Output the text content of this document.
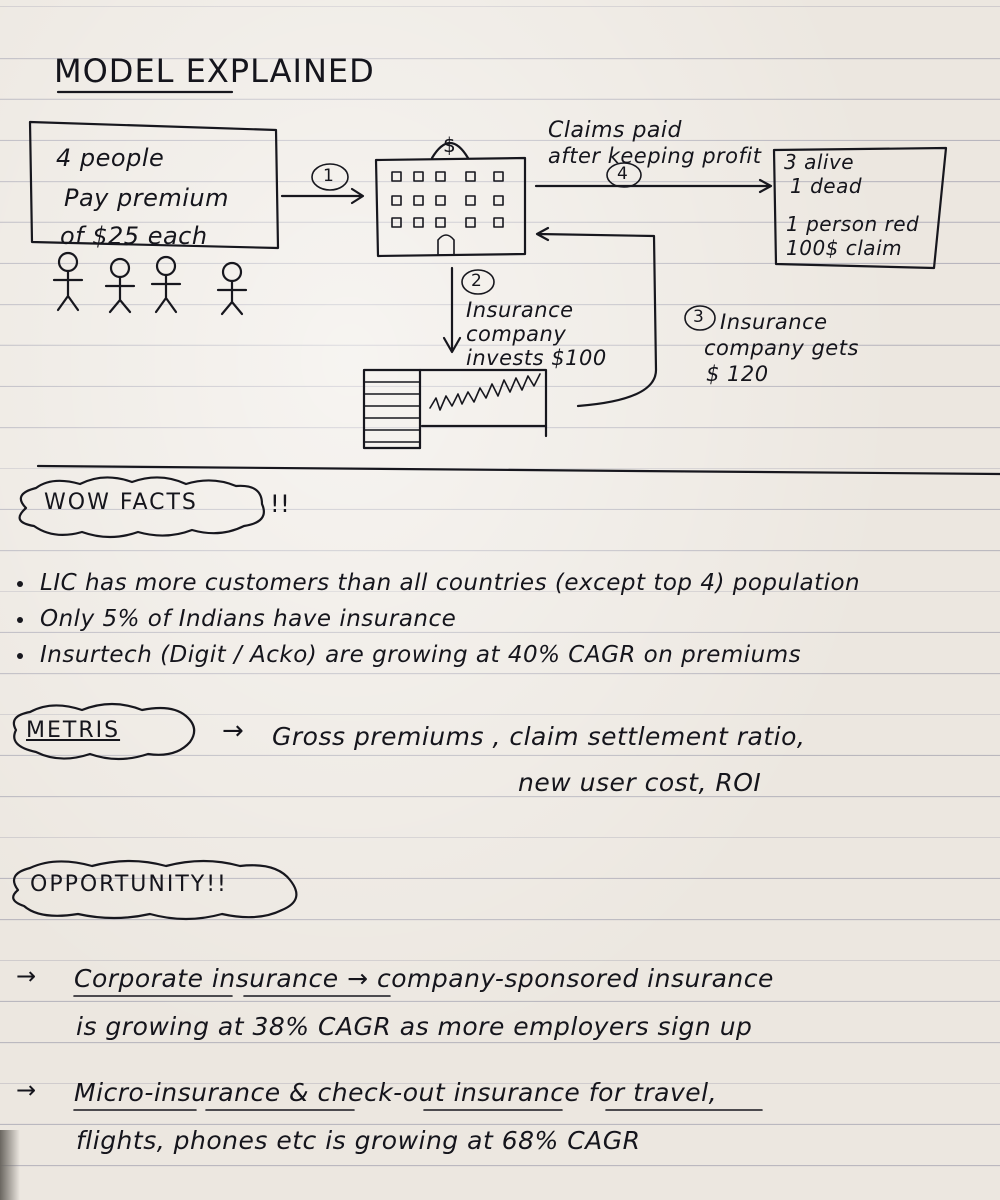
MODEL EXPLAINED
4 people
Pay premium
of $25 each
1
$
2
3
4
Claims paid
after keeping profit 3 alive
1 dead
1 person red
100$ claim
Insurance
company
invests $100
Insurance
company gets
$ 120
WOW FACTS	!!
LIC has more customers than all countries (except top 4) population
Only 5% of Indians have insurance
Insurtech (Digit / Acko) are growing at 40% CAGR on premiums
METRIS	→ Gross premiums , claim settlement ratio,
new user cost, ROI
OPPORTUNITY!!
→ Corporate insurance → company-sponsored insurance
is growing at 38% CAGR as more employers sign up
→ Micro-insurance & check-out insurance for travel,
flights, phones etc is growing at 68% CAGR
